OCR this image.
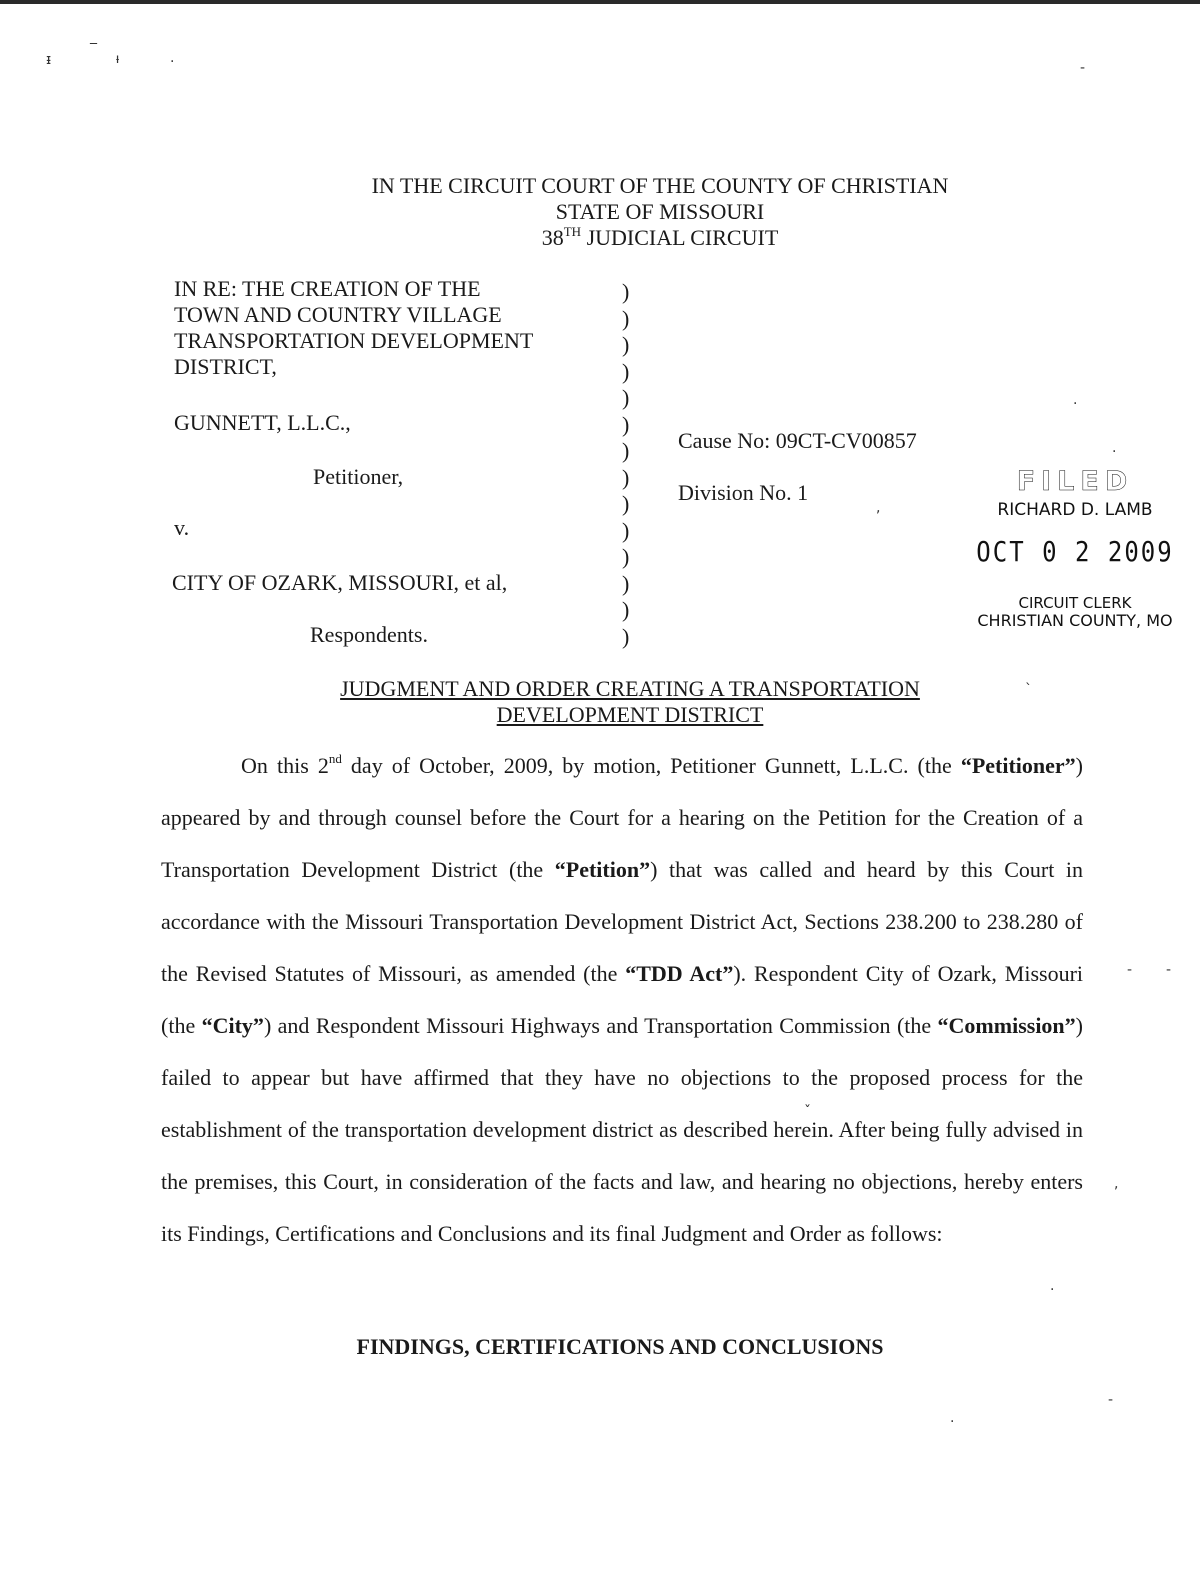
ᵻ
‾
ᵼ	·	‑
·
·
,
`
- ‐
,
·
-
·
ˇ
IN THE CIRCUIT COURT OF THE COUNTY OF CHRISTIAN
STATE OF MISSOURI
38TH JUDICIAL CIRCUIT
IN RE: THE CREATION OF THE
TOWN AND COUNTRY VILLAGE
TRANSPORTATION DEVELOPMENT
DISTRICT,
GUNNETT, L.L.C.,
Petitioner,
v.
CITY OF OZARK, MISSOURI, et al,
Respondents.
)
)
)
)
)
)
)
)
)
)
)
)
)
)
Cause No: 09CT-CV00857
Division No. 1	FILED
RICHARD D. LAMB
OCT 0 2 2009
CIRCUIT CLERK
CHRISTIAN COUNTY, MO
JUDGMENT AND ORDER CREATING A TRANSPORTATION
DEVELOPMENT DISTRICT
On this 2nd day of October, 2009, by motion, Petitioner Gunnett, L.L.C. (the “Petitioner”) appeared by and through counsel before the Court for a hearing on the Petition for the Creation of a Transportation Development District (the “Petition”) that was called and heard by this Court in accordance with the Missouri Transportation Development District Act, Sections 238.200 to 238.280 of the Revised Statutes of Missouri, as amended (the “TDD Act”). Respondent City of Ozark, Missouri (the “City”) and Respondent Missouri Highways and Transportation Commission (the “Commission”) failed to appear but have affirmed that they have no objections to the proposed process for the establishment of the transportation development district as described herein. After being fully advised in the premises, this Court, in consideration of the facts and law, and hearing no objections, hereby enters its Findings, Certifications and Conclusions and its final Judgment and Order as follows:
FINDINGS, CERTIFICATIONS AND CONCLUSIONS
